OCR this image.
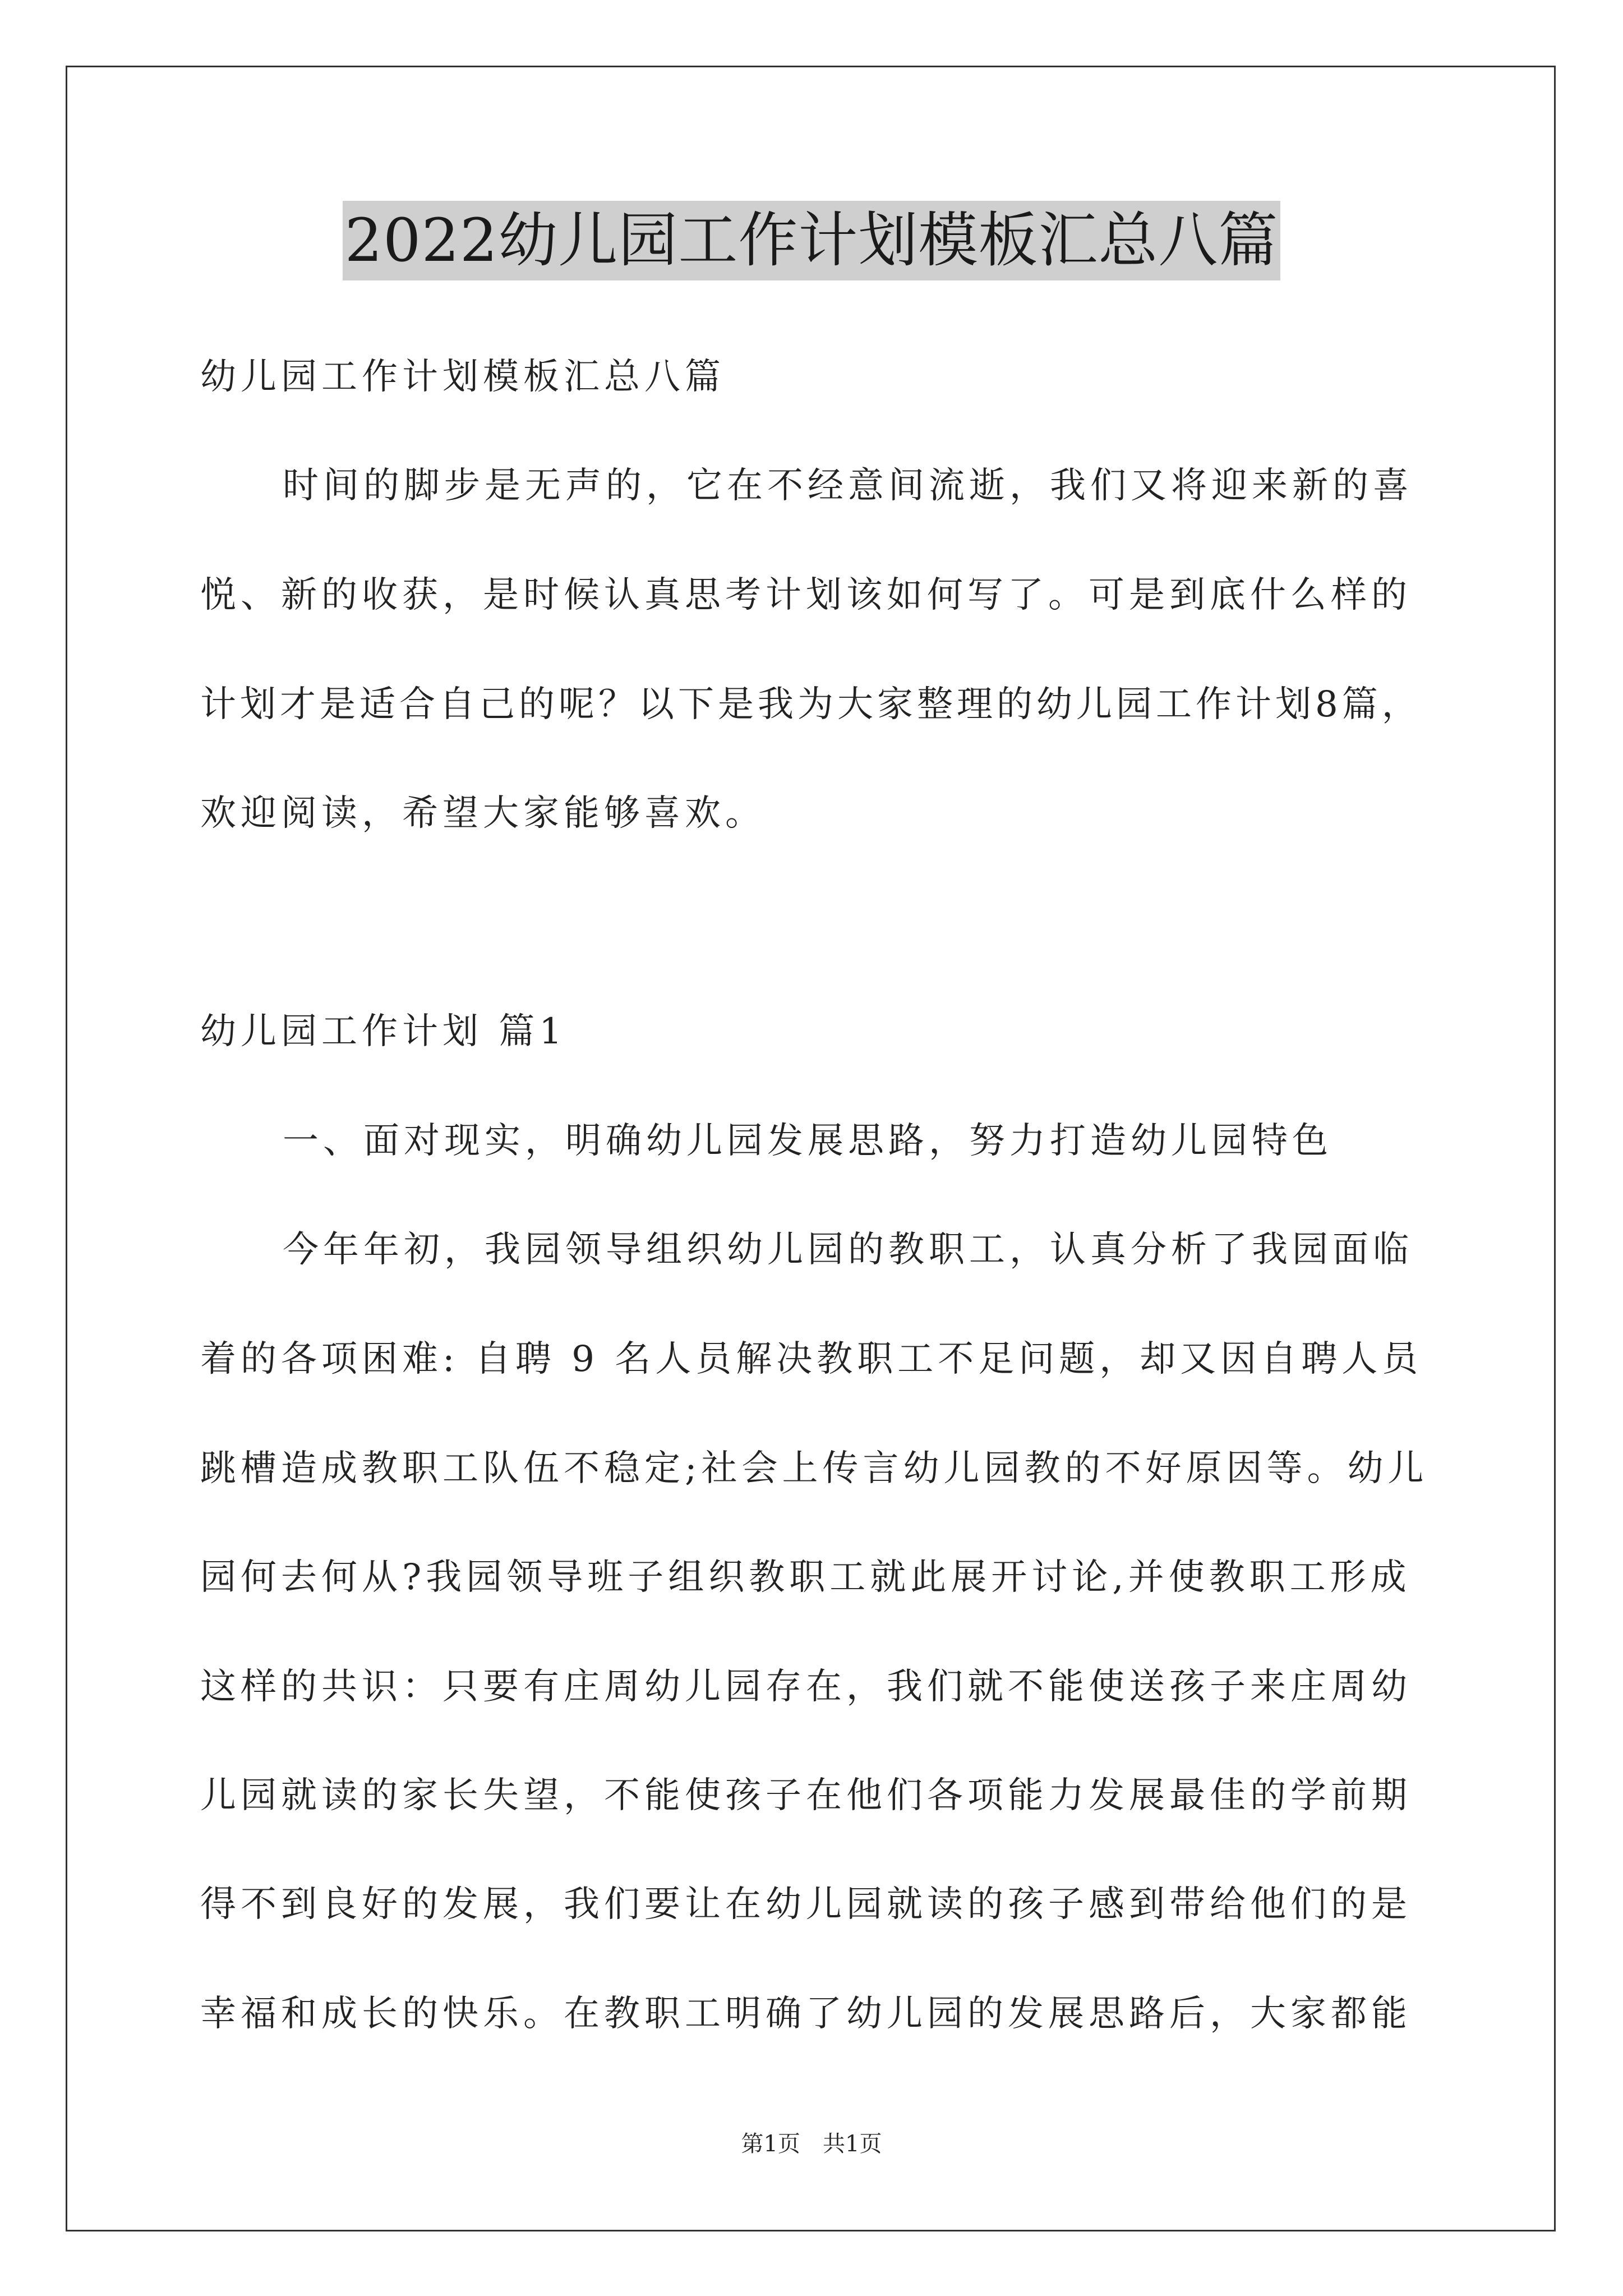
2022幼儿园工作计划模板汇总八篇
幼儿园工作计划模板汇总八篇
时间的脚步是无声的，它在不经意间流逝，我们又将迎来新的喜
悦、新的收获，是时候认真思考计划该如何写了。可是到底什么样的
计划才是适合自己的呢？以下是我为大家整理的幼儿园工作计划8篇，
欢迎阅读，希望大家能够喜欢。
幼儿园工作计划 篇1
一、面对现实，明确幼儿园发展思路，努力打造幼儿园特色
今年年初，我园领导组织幼儿园的教职工，认真分析了我园面临
着的各项困难: 自聘 9 名人员解决教职工不足问题，却又因自聘人员
跳槽造成教职工队伍不稳定;社会上传言幼儿园教的不好原因等。幼儿
园何去何从?我园领导班子组织教职工就此展开讨论,并使教职工形成
这样的共识：只要有庄周幼儿园存在，我们就不能使送孩子来庄周幼
儿园就读的家长失望，不能使孩子在他们各项能力发展最佳的学前期
得不到良好的发展，我们要让在幼儿园就读的孩子感到带给他们的是
幸福和成长的快乐。在教职工明确了幼儿园的发展思路后，大家都能
第1页　共1页
